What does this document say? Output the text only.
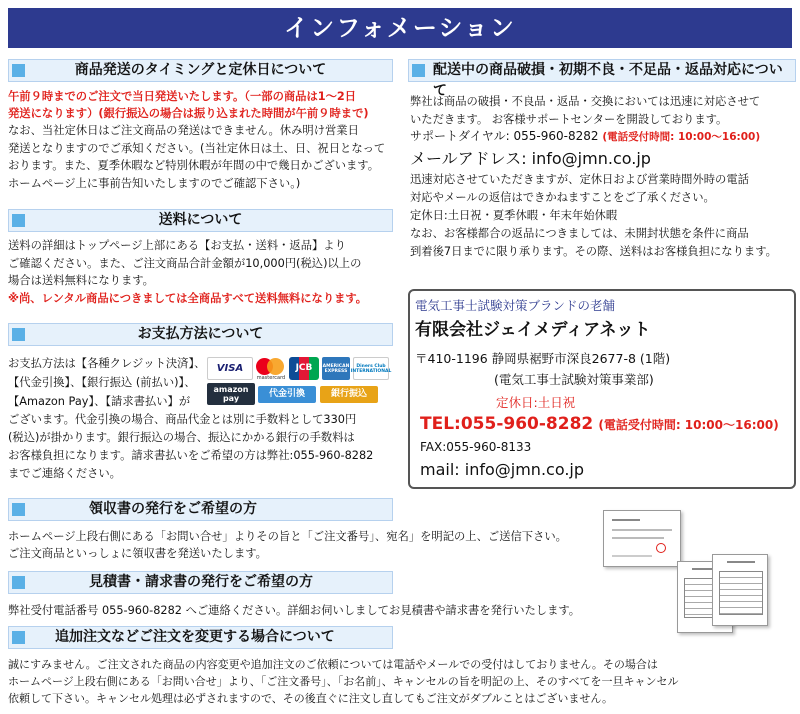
インフォメーション
商品発送のタイミングと定休日について
午前９時までのご注文で当日発送いたします。（一部の商品は1〜2日
発送になります）(銀行振込の場合は振り込まれた時間が午前９時まで)
なお、当社定休日はご注文商品の発送はできません。休み明け営業日
発送となりますのでご承知ください。(当社定休日は土、日、祝日となって
おります。また、夏季休暇など特別休暇が年間の中で幾日かございます。
ホームページ上に事前告知いたしますのでご確認下さい。)
送料について
送料の詳細はトップページ上部にある【お支払・送料・返品】より
ご確認ください。また、ご注文商品合計金額が10,000円(税込)以上の
場合は送料無料になります。
※尚、レンタル商品につきましては全商品すべて送料無料になります。
お支払方法について
お支払方法は【各種クレジット決済】、
【代金引換】、【銀行振込 (前払い)】、
【Amazon Pay】、【請求書払い】が
ございます。代金引換の場合、商品代金とは別に手数料として330円
(税込)が掛かります。銀行振込の場合、振込にかかる銀行の手数料は
お客様負担になります。請求書払いをご希望の方は弊社:055-960-8282
までご連絡ください。
VISA
mastercard
JCB	AMERICAN EXPRESS
Diners Club INTERNATIONAL
amazon pay	代金引換	銀行振込
配送中の商品破損・初期不良・不足品・返品対応について
弊社は商品の破損・不良品・返品・交換においては迅速に対応させて
いただきます。 お客様サポートセンターを開設しております。
サポートダイヤル: 055-960-8282 (電話受付時間: 10:00〜16:00)
メールアドレス: info@jmn.co.jp
迅速対応させていただきますが、定休日および営業時間外時の電話
対応やメールの返信はできかねますことをご了承ください。
定休日:土日祝・夏季休暇・年末年始休暇
なお、お客様都合の返品につきましては、未開封状態を条件に商品
到着後7日までに限り承ります。その際、送料はお客様負担になります。
電気工事士試験対策ブランドの老舗
有限会社ジェイメディアネット
〒410-1196 静岡県裾野市深良2677-8 (1階)
(電気工事士試験対策事業部)
定休日:土日祝
TEL:055-960-8282 (電話受付時間: 10:00〜16:00)
FAX:055-960-8133
mail: info@jmn.co.jp
領収書の発行をご希望の方
ホームページ上段右側にある「お問い合せ」よりその旨と「ご注文番号」、宛名」を明記の上、ご送信下さい。
ご注文商品といっしょに領収書を発送いたします。
見積書・請求書の発行をご希望の方
弊社受付電話番号 055-960-8282 へご連絡ください。詳細お伺いしましてお見積書や請求書を発行いたします。
追加注文などご注文を変更する場合について
誠にすみません。ご注文された商品の内容変更や追加注文のご依頼については電話やメールでの受付はしておりません。その場合は
ホームページ上段右側にある「お問い合せ」より、「ご注文番号」、「お名前」、キャンセルの旨を明記の上、そのすべてを一旦キャンセル
依頼して下さい。キャンセル処理は必ずされますので、その後直ぐに注文し直してもご注文がダブルことはございません。
